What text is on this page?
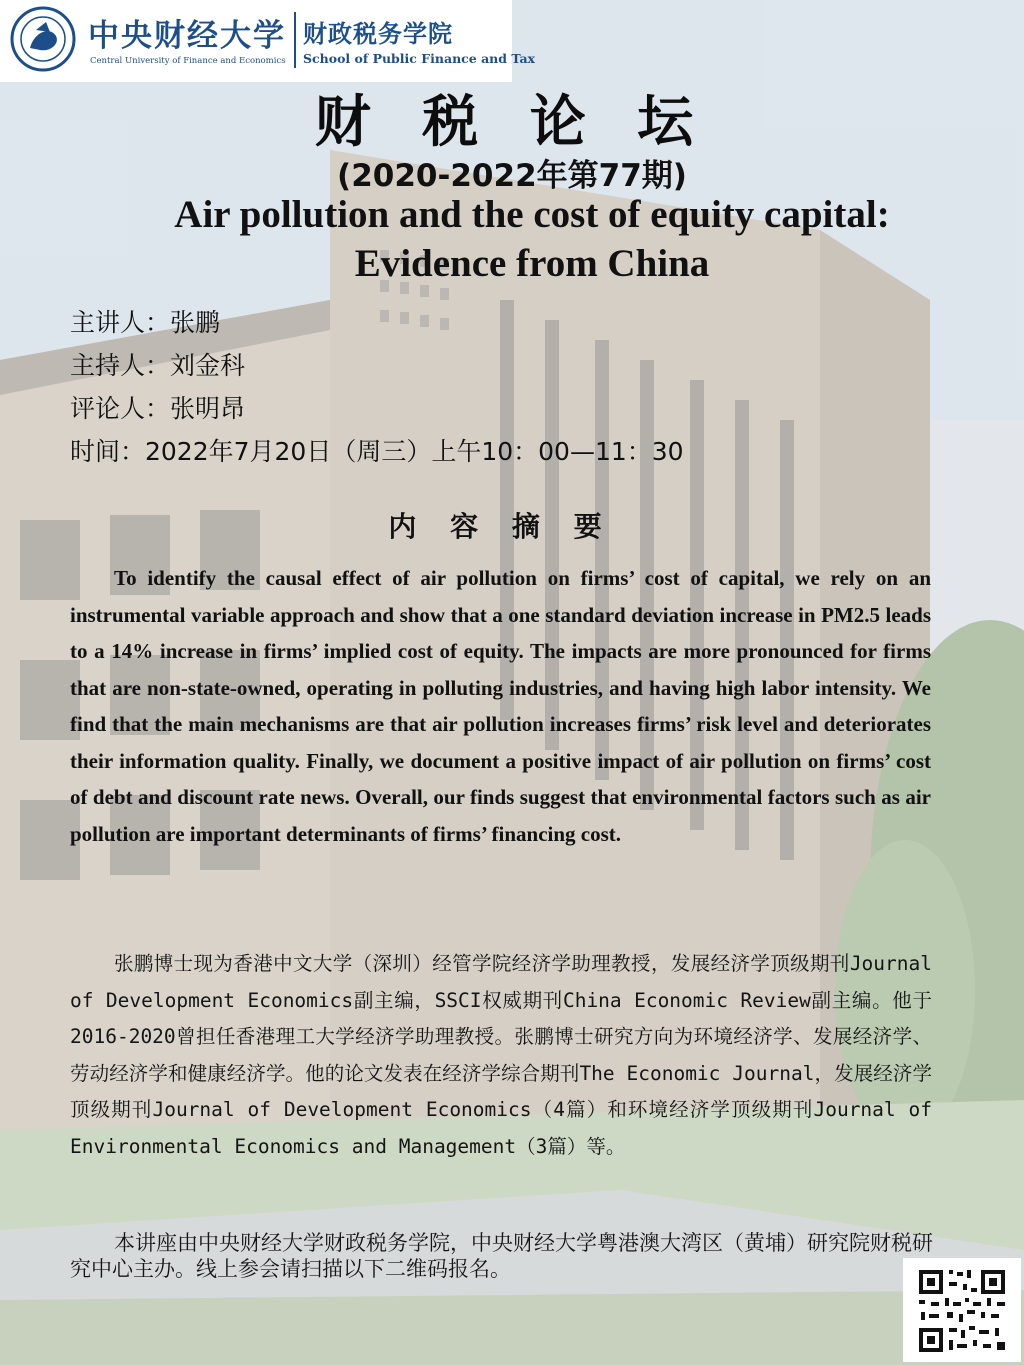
中央财经大学
Central University of Finance and Economics
财政税务学院
School of Public Finance and Tax
财 税 论 坛
(2020-2022年第77期)
Air pollution and the cost of equity capital: Evidence from China
主讲人：张鹏
主持人：刘金科
评论人：张明昂
时间：2022年7月20日（周三）上午10：00—11：30
内 容 摘 要

To identify the causal effect of air pollution on firms’ cost of capital, we rely on an instrumental variable approach and show that a one standard deviation increase in PM2.5 leads to a 14% increase in firms’ implied cost of equity. The impacts are more pronounced for firms that are non-state-owned, operating in polluting industries, and having high labor intensity. We find that the main mechanisms are that air pollution increases firms’ risk level and deteriorates their information quality. Finally, we document a positive impact of air pollution on firms’ cost of debt and discount rate news. Overall, our finds suggest that environmental factors such as air pollution are important determinants of firms’ financing cost.

张鹏博士现为香港中文大学（深圳）经管学院经济学助理教授，发展经济学顶级期刊Journal of Development Economics副主编，SSCI权威期刊China Economic Review副主编。他于2016-2020曾担任香港理工大学经济学助理教授。张鹏博士研究方向为环境经济学、发展经济学、劳动经济学和健康经济学。他的论文发表在经济学综合期刊The Economic Journal，发展经济学顶级期刊Journal of Development Economics（4篇）和环境经济学顶级期刊Journal of Environmental Economics and Management（3篇）等。

本讲座由中央财经大学财政税务学院，中央财经大学粤港澳大湾区（黄埔）研究院财税研究中心主办。线上参会请扫描以下二维码报名。
